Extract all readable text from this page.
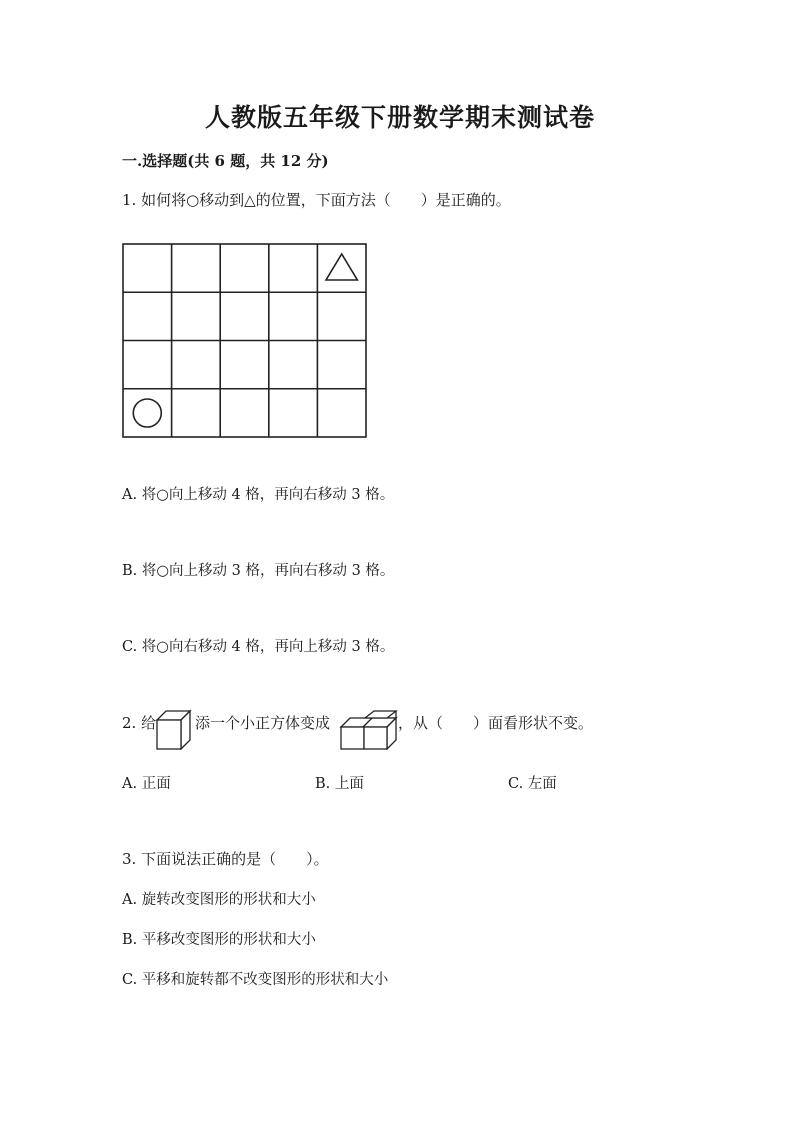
人教版五年级下册数学期末测试卷
一.选择题(共 6 题，共 12 分)
1. 如何将○移动到△的位置，下面方法（　　）是正确的。
A. 将○向上移动 4 格，再向右移动 3 格。
B. 将○向上移动 3 格，再向右移动 3 格。
C. 将○向右移动 4 格，再向上移动 3 格。
2. 给	添一个小正方体变成	，从（　　）面看形状不变。
A. 正面	B. 上面	C. 左面
3. 下面说法正确的是（　　）。
A. 旋转改变图形的形状和大小
B. 平移改变图形的形状和大小
C. 平移和旋转都不改变图形的形状和大小
